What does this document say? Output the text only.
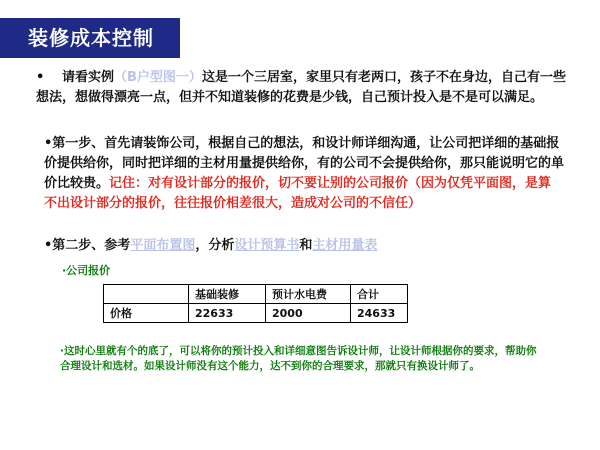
装修成本控制
• 请看实例（B户型图一）这是一个三居室，家里只有老两口，孩子不在身边，自己有一些想法，想做得漂亮一点，但并不知道装修的花费是少钱，自己预计投入是不是可以满足。
•第一步、首先请装饰公司，根据自己的想法，和设计师详细沟通，让公司把详细的基础报价提供给你，同时把详细的主材用量提供给你，有的公司不会提供给你，那只能说明它的单价比较贵。记住：对有设计部分的报价，切不要让别的公司报价（因为仅凭平面图，是算不出设计部分的报价，往往报价相差很大，造成对公司的不信任）
•第二步、参考平面布置图，分析设计预算书和主材用量表
·公司报价
	基础装修	预计水电费	合计
价格	22633	2000	24633
·这时心里就有个的底了，可以将你的预计投入和详细意图告诉设计师，让设计师根据你的要求，帮助你合理设计和选材。如果设计师没有这个能力，达不到你的合理要求，那就只有换设计师了。
